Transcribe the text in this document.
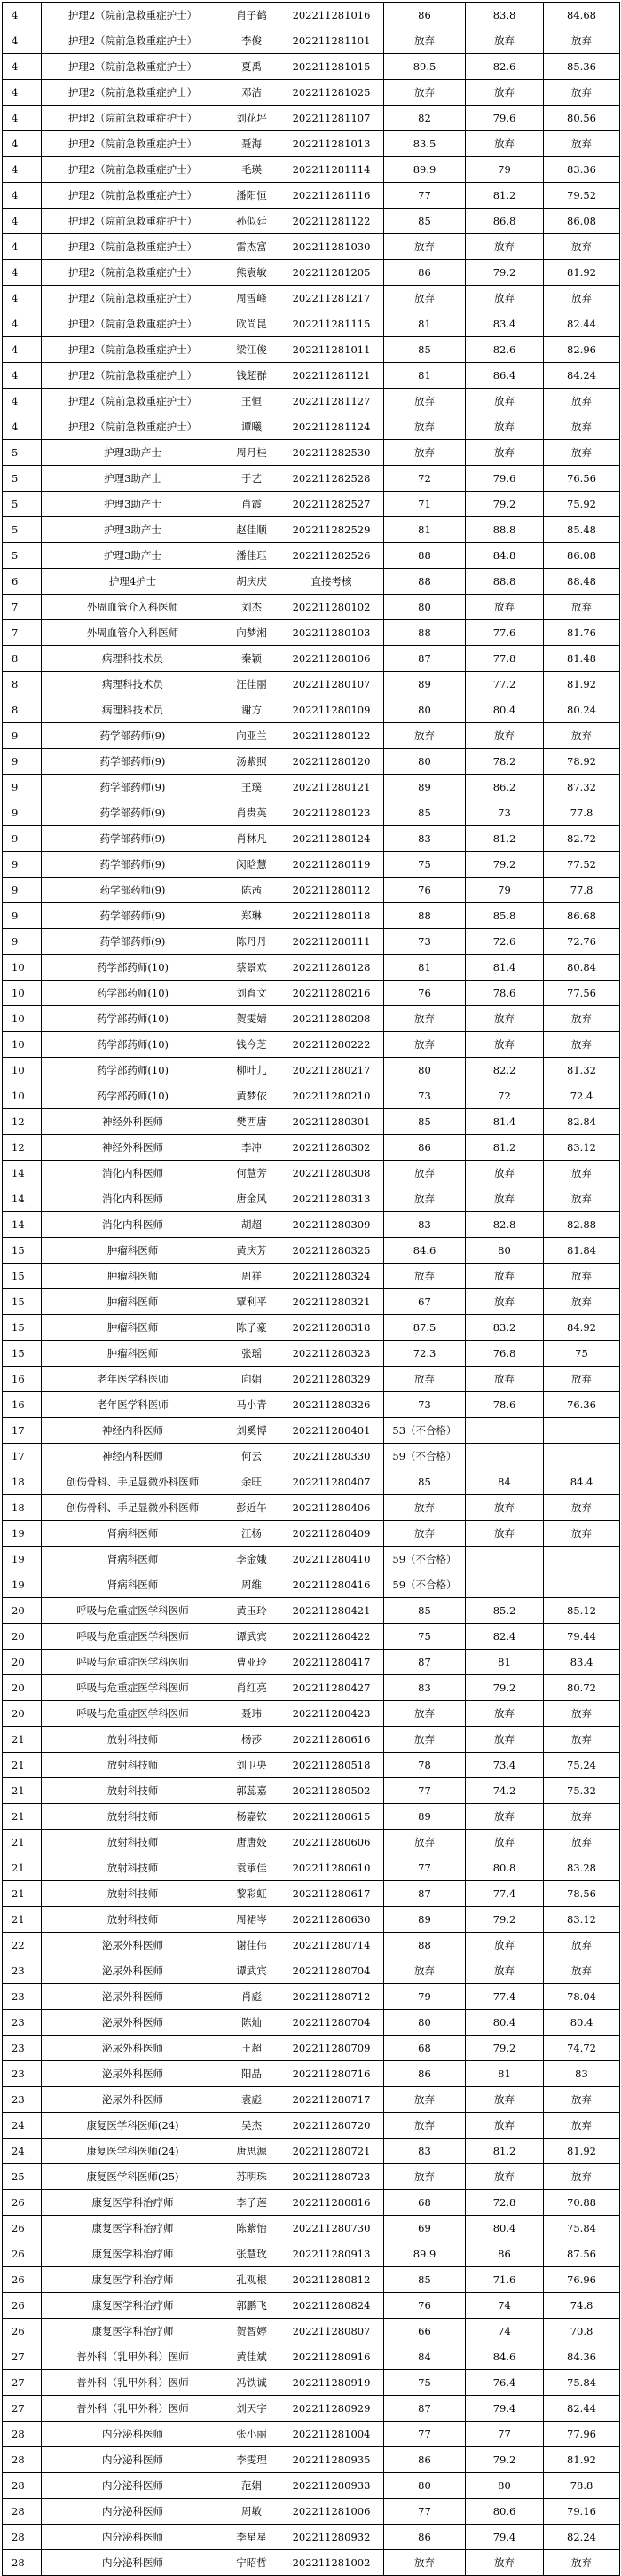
4	护理2（院前急救重症护士）	肖子鹤	202211281016	86	83.8	84.68
4	护理2（院前急救重症护士）	李俊	202211281101	放弃	放弃	放弃
4	护理2（院前急救重症护士）	夏禹	202211281015	89.5	82.6	85.36
4	护理2（院前急救重症护士）	邓洁	202211281025	放弃	放弃	放弃
4	护理2（院前急救重症护士）	刘花坪	202211281107	82	79.6	80.56
4	护理2（院前急救重症护士）	聂海	202211281013	83.5	放弃	放弃
4	护理2（院前急救重症护士）	毛瑛	202211281114	89.9	79	83.36
4	护理2（院前急救重症护士）	潘阳恒	202211281116	77	81.2	79.52
4	护理2（院前急救重症护士）	孙似廷	202211281122	85	86.8	86.08
4	护理2（院前急救重症护士）	雷杰富	202211281030	放弃	放弃	放弃
4	护理2（院前急救重症护士）	熊袁敏	202211281205	86	79.2	81.92
4	护理2（院前急救重症护士）	周雪峰	202211281217	放弃	放弃	放弃
4	护理2（院前急救重症护士）	欧尚昆	202211281115	81	83.4	82.44
4	护理2（院前急救重症护士）	梁江俊	202211281011	85	82.6	82.96
4	护理2（院前急救重症护士）	钱超群	202211281121	81	86.4	84.24
4	护理2（院前急救重症护士）	王恒	202211281127	放弃	放弃	放弃
4	护理2（院前急救重症护士）	谭曦	202211281124	放弃	放弃	放弃
5	护理3助产士	周月桂	202211282530	放弃	放弃	放弃
5	护理3助产士	于艺	202211282528	72	79.6	76.56
5	护理3助产士	肖霞	202211282527	71	79.2	75.92
5	护理3助产士	赵佳顺	202211282529	81	88.8	85.48
5	护理3助产士	潘佳珏	202211282526	88	84.8	86.08
6	护理4护士	胡庆庆	直接考核	88	88.8	88.48
7	外周血管介入科医师	刘杰	202211280102	80	放弃	放弃
7	外周血管介入科医师	向梦湘	202211280103	88	77.6	81.76
8	病理科技术员	秦颖	202211280106	87	77.8	81.48
8	病理科技术员	汪佳丽	202211280107	89	77.2	81.92
8	病理科技术员	谢方	202211280109	80	80.4	80.24
9	药学部药师(9)	向亚兰	202211280122	放弃	放弃	放弃
9	药学部药师(9)	汤紫照	202211280120	80	78.2	78.92
9	药学部药师(9)	王璞	202211280121	89	86.2	87.32
9	药学部药师(9)	肖贵英	202211280123	85	73	77.8
9	药学部药师(9)	肖林凡	202211280124	83	81.2	82.72
9	药学部药师(9)	闵晗慧	202211280119	75	79.2	77.52
9	药学部药师(9)	陈茜	202211280112	76	79	77.8
9	药学部药师(9)	郑琳	202211280118	88	85.8	86.68
9	药学部药师(9)	陈丹丹	202211280111	73	72.6	72.76
10	药学部药师(10)	蔡景欢	202211280128	81	81.4	80.84
10	药学部药师(10)	刘育文	202211280216	76	78.6	77.56
10	药学部药师(10)	贺雯婧	202211280208	放弃	放弃	放弃
10	药学部药师(10)	钱今芝	202211280222	放弃	放弃	放弃
10	药学部药师(10)	柳叶儿	202211280217	80	82.2	81.32
10	药学部药师(10)	黄梦依	202211280210	73	72	72.4
12	神经外科医师	樊西唐	202211280301	85	81.4	82.84
12	神经外科医师	李冲	202211280302	86	81.2	83.12
14	消化内科医师	何慧芳	202211280308	放弃	放弃	放弃
14	消化内科医师	唐金风	202211280313	放弃	放弃	放弃
14	消化内科医师	胡超	202211280309	83	82.8	82.88
15	肿瘤科医师	黄庆芳	202211280325	84.6	80	81.84
15	肿瘤科医师	周祥	202211280324	放弃	放弃	放弃
15	肿瘤科医师	覃利平	202211280321	67	放弃	放弃
15	肿瘤科医师	陈子豪	202211280318	87.5	83.2	84.92
15	肿瘤科医师	张瑶	202211280323	72.3	76.8	75
16	老年医学科医师	向娟	202211280329	放弃	放弃	放弃
16	老年医学科医师	马小青	202211280326	73	78.6	76.36
17	神经内科医师	刘奚博	202211280401	53（不合格）		
17	神经内科医师	何云	202211280330	59（不合格）		
18	创伤骨科、手足显微外科医师	余旺	202211280407	85	84	84.4
18	创伤骨科、手足显微外科医师	彭近午	202211280406	放弃	放弃	放弃
19	肾病科医师	江杨	202211280409	放弃	放弃	放弃
19	肾病科医师	李金娥	202211280410	59（不合格）		
19	肾病科医师	周维	202211280416	59（不合格）		
20	呼吸与危重症医学科医师	黄玉玲	202211280421	85	85.2	85.12
20	呼吸与危重症医学科医师	谭武宾	202211280422	75	82.4	79.44
20	呼吸与危重症医学科医师	曹亚玲	202211280417	87	81	83.4
20	呼吸与危重症医学科医师	肖红亮	202211280427	83	79.2	80.72
20	呼吸与危重症医学科医师	聂玮	202211280423	放弃	放弃	放弃
21	放射科技师	杨莎	202211280616	放弃	放弃	放弃
21	放射科技师	刘卫央	202211280518	78	73.4	75.24
21	放射科技师	郭蕊嘉	202211280502	77	74.2	75.32
21	放射科技师	杨嘉钦	202211280615	89	放弃	放弃
21	放射科技师	唐唐姣	202211280606	放弃	放弃	放弃
21	放射科技师	袁承佳	202211280610	77	80.8	83.28
21	放射科技师	黎彩虹	202211280617	87	77.4	78.56
21	放射科技师	周裙岑	202211280630	89	79.2	83.12
22	泌尿外科医师	谢佳伟	202211280714	88	放弃	放弃
23	泌尿外科医师	谭武宾	202211280704	放弃	放弃	放弃
23	泌尿外科医师	肖彪	202211280712	79	77.4	78.04
23	泌尿外科医师	陈灿	202211280704	80	80.4	80.4
23	泌尿外科医师	王超	202211280709	68	79.2	74.72
23	泌尿外科医师	阳晶	202211280716	86	81	83
23	泌尿外科医师	袁彪	202211280717	放弃	放弃	放弃
24	康复医学科医师(24)	吴杰	202211280720	放弃	放弃	放弃
24	康复医学科医师(24)	唐思源	202211280721	83	81.2	81.92
25	康复医学科医师(25)	苏明珠	202211280723	放弃	放弃	放弃
26	康复医学科治疗师	李子莲	202211280816	68	72.8	70.88
26	康复医学科治疗师	陈紫怡	202211280730	69	80.4	75.84
26	康复医学科治疗师	张慧玫	202211280913	89.9	86	87.56
26	康复医学科治疗师	孔观根	202211280812	85	71.6	76.96
26	康复医学科治疗师	郭鹏飞	202211280824	76	74	74.8
26	康复医学科治疗师	贺智婷	202211280807	66	74	70.8
27	普外科（乳甲外科）医师	黄佳斌	202211280916	84	84.6	84.36
27	普外科（乳甲外科）医师	冯铁诚	202211280919	75	76.4	75.84
27	普外科（乳甲外科）医师	刘天宇	202211280929	87	79.4	82.44
28	内分泌科医师	张小丽	202211281004	77	77	77.96
28	内分泌科医师	李雯理	202211280935	86	79.2	81.92
28	内分泌科医师	范娟	202211280933	80	80	78.8
28	内分泌科医师	周敏	202211281006	77	80.6	79.16
28	内分泌科医师	李星星	202211280932	86	79.4	82.24
28	内分泌科医师	宁昭哲	202211281002	放弃	放弃	放弃
